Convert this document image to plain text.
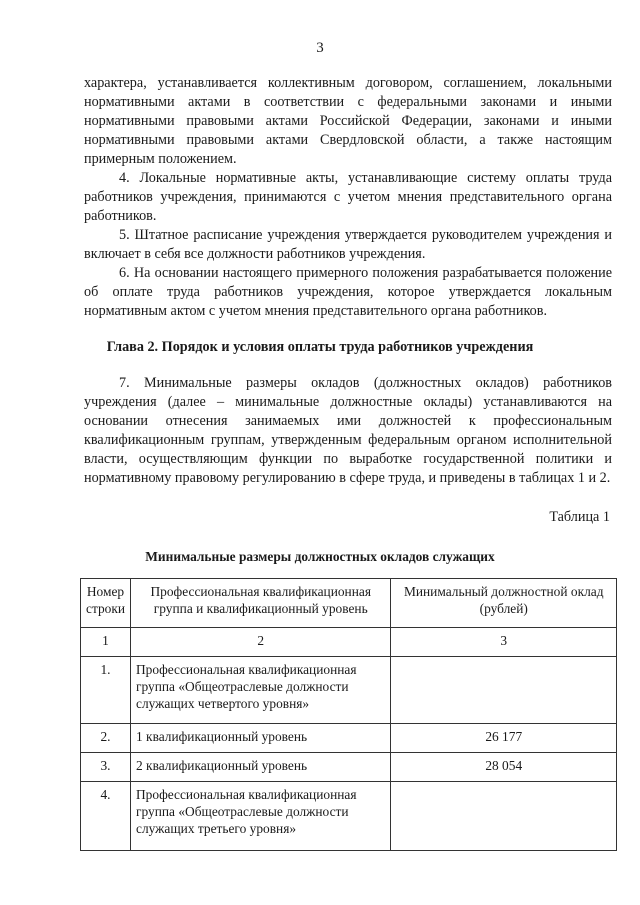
3

характера, устанавливается коллективным договором, соглашением, локальными нормативными актами в соответствии с федеральными законами и иными нормативными правовыми актами Российской Федерации, законами и иными нормативными правовыми актами Свердловской области, а также настоящим примерным положением.

4. Локальные нормативные акты, устанавливающие систему оплаты труда работников учреждения, принимаются с учетом мнения представительного органа работников.

5. Штатное расписание учреждения утверждается руководителем учреждения и включает в себя все должности работников учреждения.

6. На основании настоящего примерного положения разрабатывается положение об оплате труда работников учреждения, которое утверждается локальным нормативным актом с учетом мнения представительного органа работников.

Глава 2. Порядок и условия оплаты труда работников учреждения

7. Минимальные размеры окладов (должностных окладов) работников учреждения (далее – минимальные должностные оклады) устанавливаются на основании отнесения занимаемых ими должностей к профессиональным квалификационным группам, утвержденным федеральным органом исполнительной власти, осуществляющим функции по выработке государственной политики и нормативному правовому регулированию в сфере труда, и приведены в таблицах 1 и 2.

Таблица 1
Минимальные размеры должностных окладов служащих
Номер строки	Профессиональная квалификационная группа и квалификационный уровень	Минимальный должностной оклад (рублей)
1	2	3
1.	Профессиональная квалификационная группа «Общеотраслевые должности служащих четвертого уровня»	
2.	1 квалификационный уровень	26 177
3.	2 квалификационный уровень	28 054
4.	Профессиональная квалификационная группа «Общеотраслевые должности служащих третьего уровня»	
